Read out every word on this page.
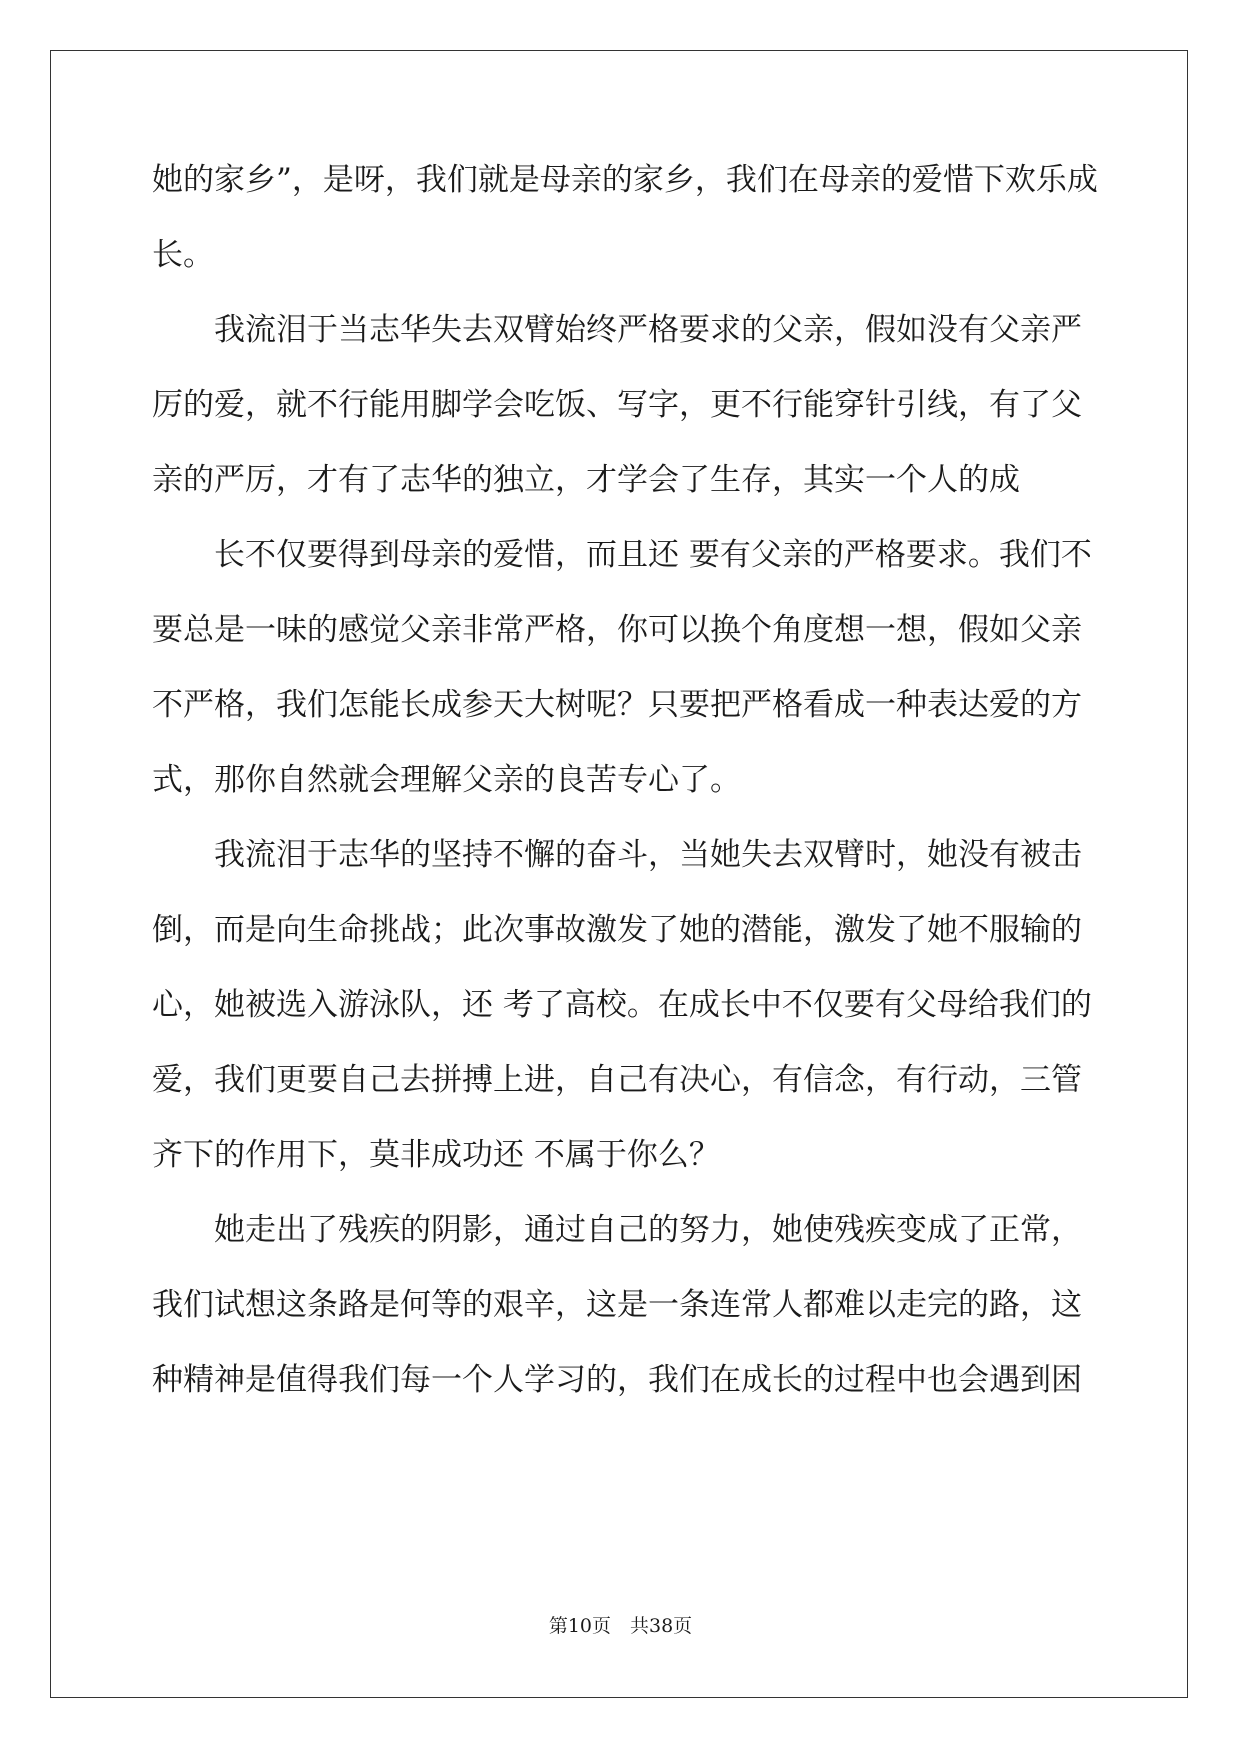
她的家乡”，是呀，我们就是母亲的家乡，我们在母亲的爱惜下欢乐成
长。
我流泪于当志华失去双臂始终严格要求的父亲，假如没有父亲严
厉的爱，就不行能用脚学会吃饭、写字，更不行能穿针引线，有了父
亲的严厉，才有了志华的独立，才学会了生存，其实一个人的成
长不仅要得到母亲的爱惜，而且还 要有父亲的严格要求。我们不
要总是一味的感觉父亲非常严格，你可以换个角度想一想，假如父亲
不严格，我们怎能长成参天大树呢？只要把严格看成一种表达爱的方
式，那你自然就会理解父亲的良苦专心了。
我流泪于志华的坚持不懈的奋斗，当她失去双臂时，她没有被击
倒，而是向生命挑战；此次事故激发了她的潜能，激发了她不服输的
心，她被选入游泳队，还 考了高校。在成长中不仅要有父母给我们的
爱，我们更要自己去拼搏上进，自己有决心，有信念，有行动，三管
齐下的作用下，莫非成功还 不属于你么？
她走出了残疾的阴影，通过自己的努力，她使残疾变成了正常，
我们试想这条路是何等的艰辛，这是一条连常人都难以走完的路，这
种精神是值得我们每一个人学习的，我们在成长的过程中也会遇到困
第10页　共38页
